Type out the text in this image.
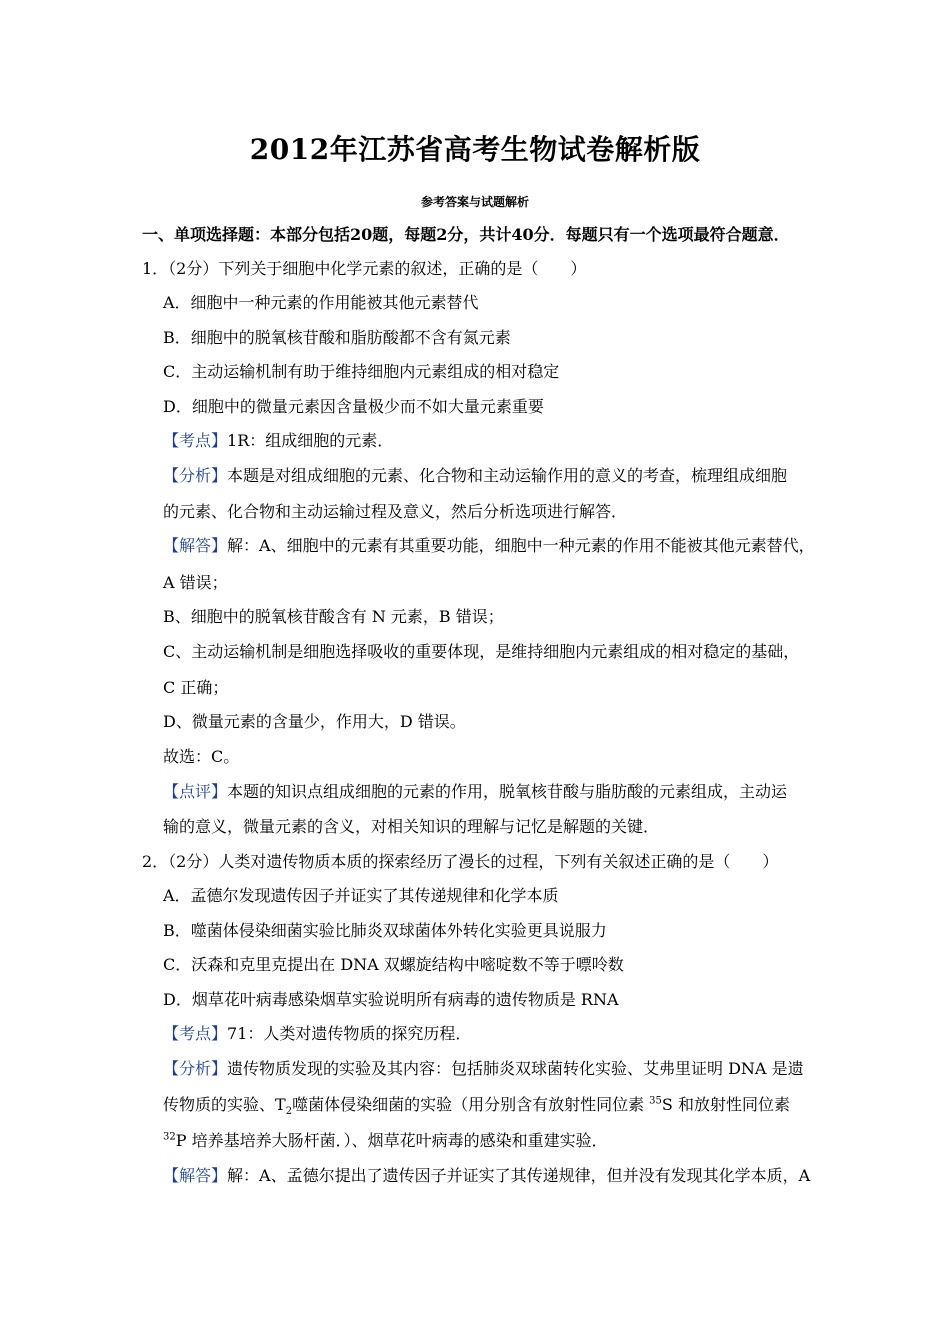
2012年江苏省高考生物试卷解析版
参考答案与试题解析
一、单项选择题：本部分包括20题，每题2分，共计40分．每题只有一个选项最符合题意．
1．（2分）下列关于细胞中化学元素的叙述，正确的是（　　）
A．细胞中一种元素的作用能被其他元素替代
B．细胞中的脱氧核苷酸和脂肪酸都不含有氮元素
C．主动运输机制有助于维持细胞内元素组成的相对稳定
D．细胞中的微量元素因含量极少而不如大量元素重要
【考点】1R：组成细胞的元素．
【分析】本题是对组成细胞的元素、化合物和主动运输作用的意义的考查，梳理组成细胞
的元素、化合物和主动运输过程及意义，然后分析选项进行解答．
【解答】解：A、细胞中的元素有其重要功能，细胞中一种元素的作用不能被其他元素替代，
A 错误；
B、细胞中的脱氧核苷酸含有 N 元素，B 错误；
C、主动运输机制是细胞选择吸收的重要体现，是维持细胞内元素组成的相对稳定的基础，
C 正确；
D、微量元素的含量少，作用大，D 错误。
故选：C。
【点评】本题的知识点组成细胞的元素的作用，脱氧核苷酸与脂肪酸的元素组成，主动运
输的意义，微量元素的含义，对相关知识的理解与记忆是解题的关键．
2．（2分）人类对遗传物质本质的探索经历了漫长的过程，下列有关叙述正确的是（　　）
A．孟德尔发现遗传因子并证实了其传递规律和化学本质
B．噬菌体侵染细菌实验比肺炎双球菌体外转化实验更具说服力
C．沃森和克里克提出在 DNA 双螺旋结构中嘧啶数不等于嘌呤数
D．烟草花叶病毒感染烟草实验说明所有病毒的遗传物质是 RNA
【考点】71：人类对遗传物质的探究历程．
【分析】遗传物质发现的实验及其内容：包括肺炎双球菌转化实验、艾弗里证明 DNA 是遗
传物质的实验、$T_2$噬菌体侵染细菌的实验（用分别含有放射性同位素 $^{35}$S 和放射性同位素
$^{32}$P 培养基培养大肠杆菌．）、烟草花叶病毒的感染和重建实验．
【解答】解：A、孟德尔提出了遗传因子并证实了其传递规律，但并没有发现其化学本质，A
